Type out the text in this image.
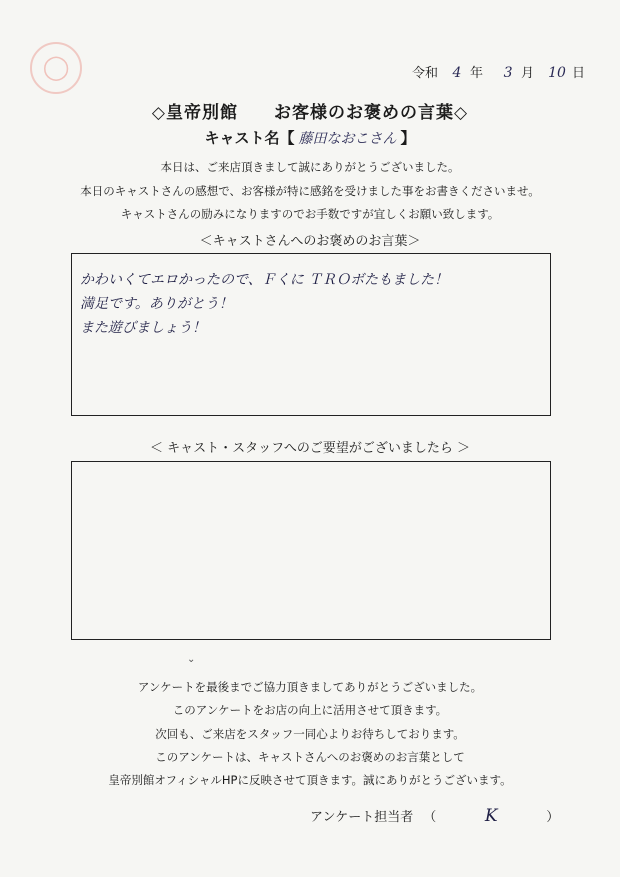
◯	令和	4 年	3 月 10 日
◇皇帝別館 お客様のお褒めの言葉◇
キャスト名【 藤田なおこさん 】
本日は、ご来店頂きまして誠にありがとうございました。
本日のキャストさんの感想で、お客様が特に感銘を受けました事をお書きくださいませ。
キャストさんの励みになりますのでお手数ですが宜しくお願い致します。
＜キャストさんへのお褒めのお言葉＞
かわいくてエロかったので、Ｆくに ＴＲＯボたもました！
満足です。ありがとう！
また遊びましょう！
＜ キャスト・スタッフへのご要望がございましたら ＞
⌄
アンケートを最後までご協力頂きましてありがとうございました。
このアンケートをお店の向上に活用させて頂きます。
次回も、ご来店をスタッフ一同心よりお待ちしております。
このアンケートは、キャストさんへのお褒めのお言葉として
皇帝別館オフィシャルHPに反映させて頂きます。誠にありがとうございます。
アンケート担当者 （	K	）
